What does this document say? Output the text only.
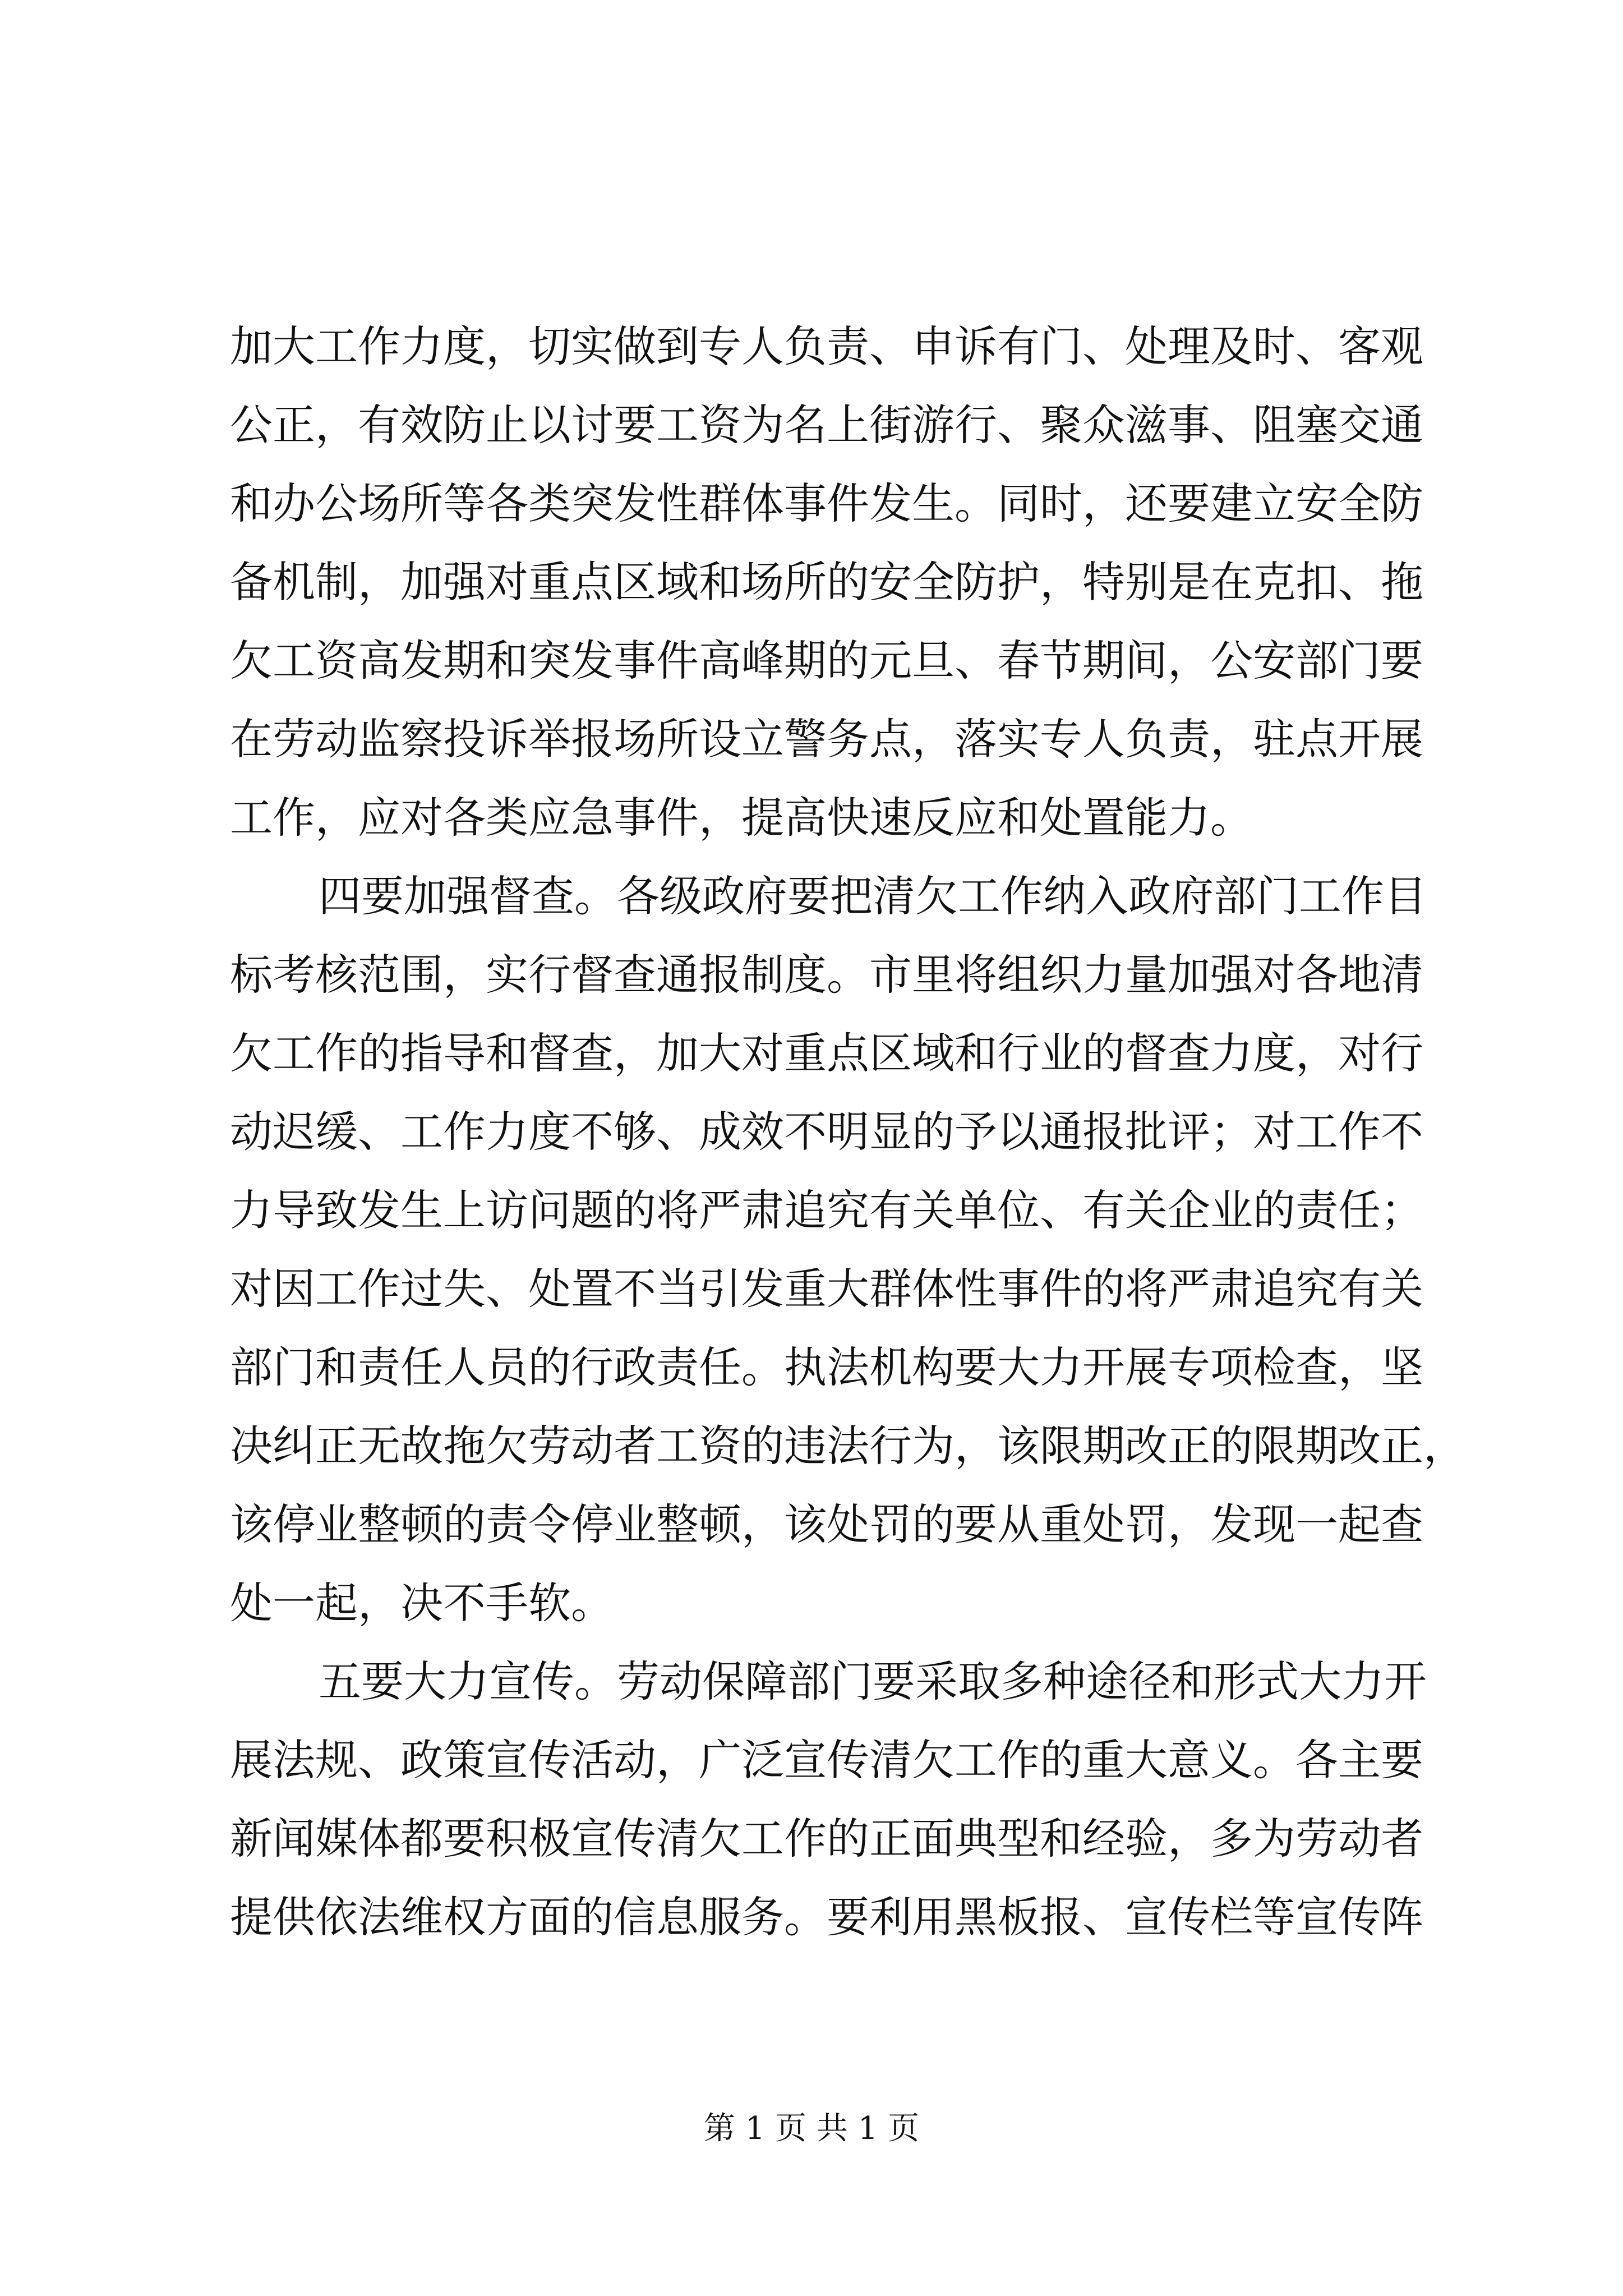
加大工作力度，切实做到专人负责、申诉有门、处理及时、客观
公正，有效防止以讨要工资为名上街游行、聚众滋事、阻塞交通
和办公场所等各类突发性群体事件发生。同时，还要建立安全防
备机制，加强对重点区域和场所的安全防护，特别是在克扣、拖
欠工资高发期和突发事件高峰期的元旦、春节期间，公安部门要
在劳动监察投诉举报场所设立警务点，落实专人负责，驻点开展
工作，应对各类应急事件，提高快速反应和处置能力。
四要加强督查。各级政府要把清欠工作纳入政府部门工作目
标考核范围，实行督查通报制度。市里将组织力量加强对各地清
欠工作的指导和督查，加大对重点区域和行业的督查力度，对行
动迟缓、工作力度不够、成效不明显的予以通报批评；对工作不
力导致发生上访问题的将严肃追究有关单位、有关企业的责任；
对因工作过失、处置不当引发重大群体性事件的将严肃追究有关
部门和责任人员的行政责任。执法机构要大力开展专项检查，坚
决纠正无故拖欠劳动者工资的违法行为，该限期改正的限期改正，
该停业整顿的责令停业整顿，该处罚的要从重处罚，发现一起查
处一起，决不手软。
五要大力宣传。劳动保障部门要采取多种途径和形式大力开
展法规、政策宣传活动，广泛宣传清欠工作的重大意义。各主要
新闻媒体都要积极宣传清欠工作的正面典型和经验，多为劳动者
提供依法维权方面的信息服务。要利用黑板报、宣传栏等宣传阵
第 1 页 共 1 页
